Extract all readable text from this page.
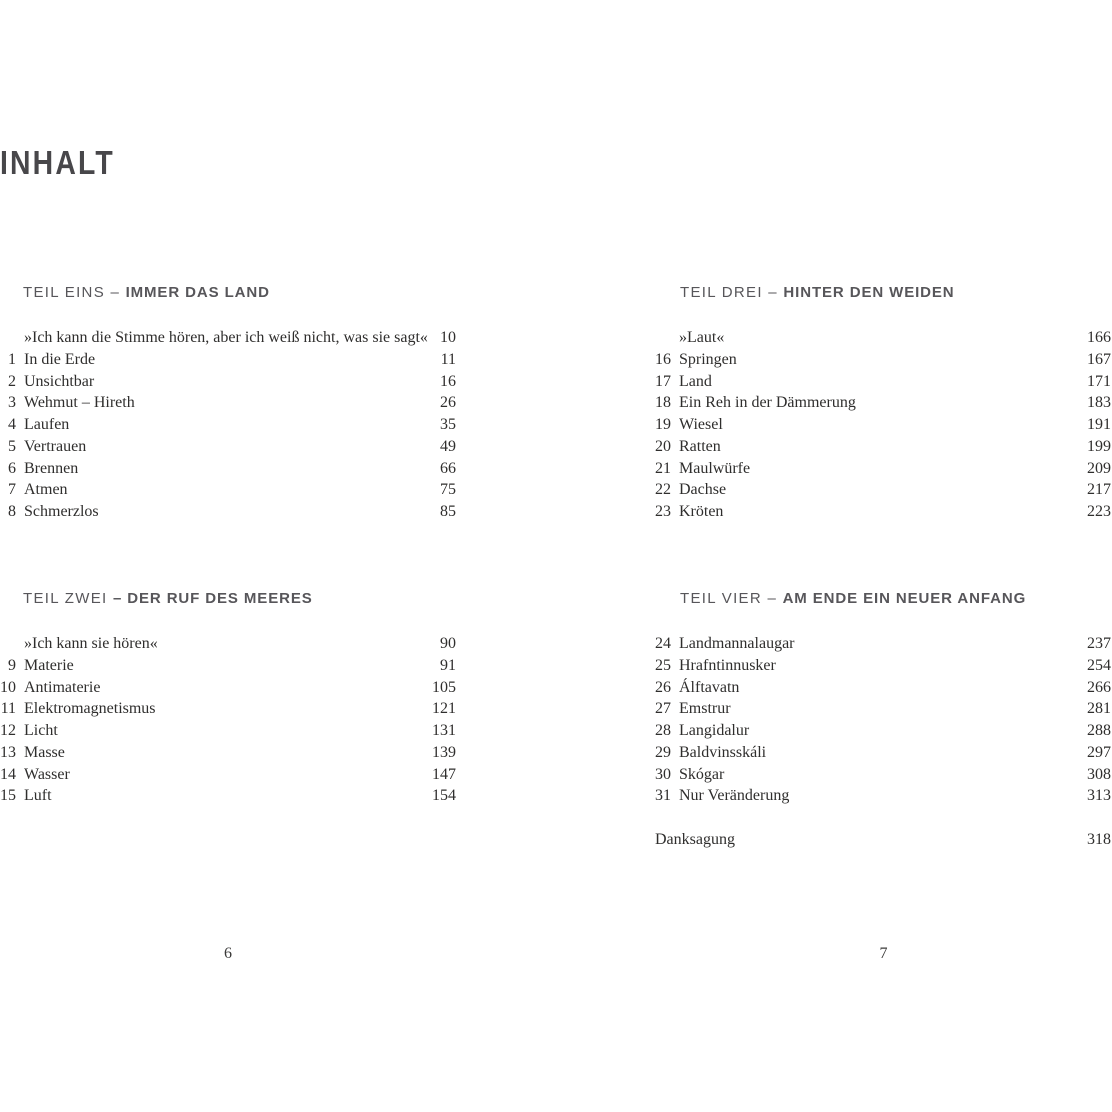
INHALT
6
TEIL EINS – IMMER DAS LAND
»Ich kann die Stimme hören, aber ich weiß nicht, was sie sagt« 10
1 In die Erde	11
2 Unsichtbar	16
3 Wehmut – Hireth	26
4 Laufen	35
5 Vertrauen	49
6 Brennen	66
7 Atmen	75
8 Schmerzlos	85
TEIL ZWEI – DER RUF DES MEERES
»Ich kann sie hören«	90
9 Materie	91
10 Antimaterie	105
11 Elektromagnetismus	121
12 Licht	131
13 Masse	139
14 Wasser	147
15 Luft	154
7
TEIL DREI – HINTER DEN WEIDEN
»Laut«	166
16 Springen	167
17 Land	171
18 Ein Reh in der Dämmerung	183
19 Wiesel	191
20 Ratten	199
21 Maulwürfe	209
22 Dachse	217
23 Kröten	223
TEIL VIER – AM ENDE EIN NEUER ANFANG
24 Landmannalaugar	237
25 Hrafntinnusker	254
26 Álftavatn	266
27 Emstrur	281
28 Langidalur	288
29 Baldvinsskáli	297
30 Skógar	308
31 Nur Veränderung	313
Danksagung	318
